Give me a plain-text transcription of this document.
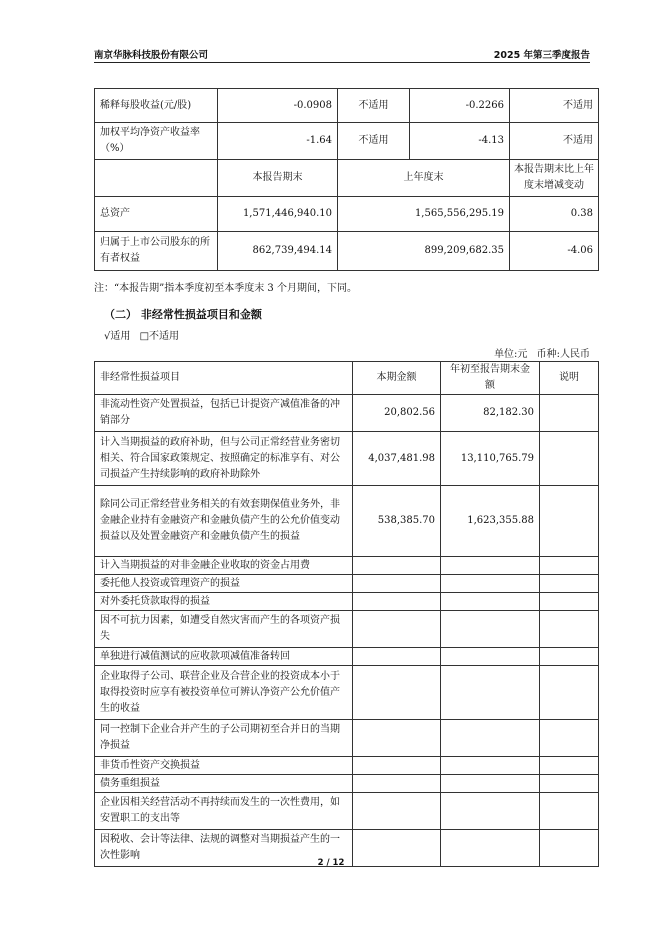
南京华脉科技股份有限公司	2025 年第三季度报告
稀释每股收益(元/股)	-0.0908	不适用	-0.2266	不适用
加权平均净资产收益率（%）	-1.64	不适用	-4.13	不适用
	本报告期末	上年度末		本报告期末比上年度末增减变动
总资产	1,571,446,940.10	1,565,556,295.19		0.38
归属于上市公司股东的所有者权益	862,739,494.14	899,209,682.35		-4.06
注：“本报告期”指本季度初至本季度末 3 个月期间，下同。
（二） 非经常性损益项目和金额
√适用 □不适用
单位:元 币种:人民币
非经常性损益项目	本期金额	年初至报告期末金额	说明
非流动性资产处置损益，包括已计提资产减值准备的冲销部分	20,802.56	82,182.30	
计入当期损益的政府补助，但与公司正常经营业务密切相关、符合国家政策规定、按照确定的标准享有、对公司损益产生持续影响的政府补助除外	4,037,481.98	13,110,765.79	
除同公司正常经营业务相关的有效套期保值业务外，非金融企业持有金融资产和金融负债产生的公允价值变动损益以及处置金融资产和金融负债产生的损益	538,385.70	1,623,355.88	
计入当期损益的对非金融企业收取的资金占用费			
委托他人投资或管理资产的损益			
对外委托贷款取得的损益			
因不可抗力因素，如遭受自然灾害而产生的各项资产损失			
单独进行减值测试的应收款项减值准备转回			
企业取得子公司、联营企业及合营企业的投资成本小于取得投资时应享有被投资单位可辨认净资产公允价值产生的收益			
同一控制下企业合并产生的子公司期初至合并日的当期净损益			
非货币性资产交换损益			
债务重组损益			
企业因相关经营活动不再持续而发生的一次性费用，如安置职工的支出等			
因税收、会计等法律、法规的调整对当期损益产生的一次性影响			
2 / 12
